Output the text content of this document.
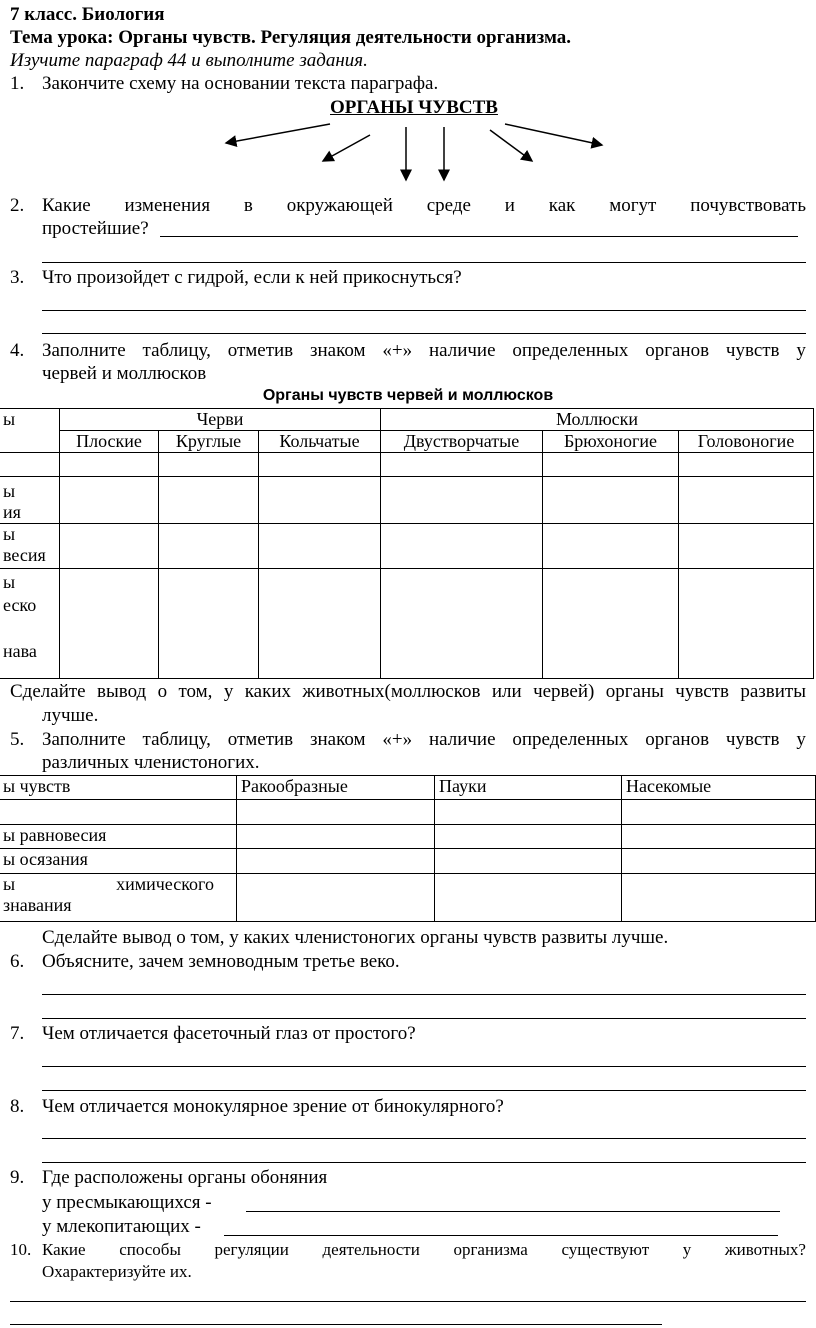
7 класс. Биология
Тема урока: Органы чувств. Регуляция деятельности организма.
Изучите параграф 44 и выполните задания.
1. Закончите схему на основании текста параграфа.
ОРГАНЫ ЧУВСТВ
2. Какие изменения в окружающей среде и как могут почувствовать
простейшие?
3. Что произойдет с гидрой, если к ней прикоснуться?
4. Заполните таблицу, отметив знаком «+» наличие определенных органов чувств у
червей и моллюсков
Органы чувств червей и моллюсков
ы	Черви			Моллюски		
	Плоские	Круглые	Кольчатые	Двустворчатые	Брюхоногие	Головоногие

ы
ия						

ы
весия						

ы
еско
нава						

Сделайте вывод о том, у каких животных(моллюсков или червей) органы чувств развиты
лучше.
5. Заполните таблицу, отметив знаком «+» наличие определенных органов чувств у
различных членистоногих.
ы чувств	Ракообразные	Пауки	Насекомые

ы равновесия			
ы осязания			

ы химического
знавания			

Сделайте вывод о том, у каких членистоногих органы чувств развиты лучше.
6. Объясните, зачем земноводным третье веко.
7. Чем отличается фасеточный глаз от простого?
8. Чем отличается монокулярное зрение от бинокулярного?
9. Где расположены органы обоняния
у пресмыкающихся -
у млекопитающих -
10. Какие способы регуляции деятельности организма существуют у животных?
Охарактеризуйте их.
